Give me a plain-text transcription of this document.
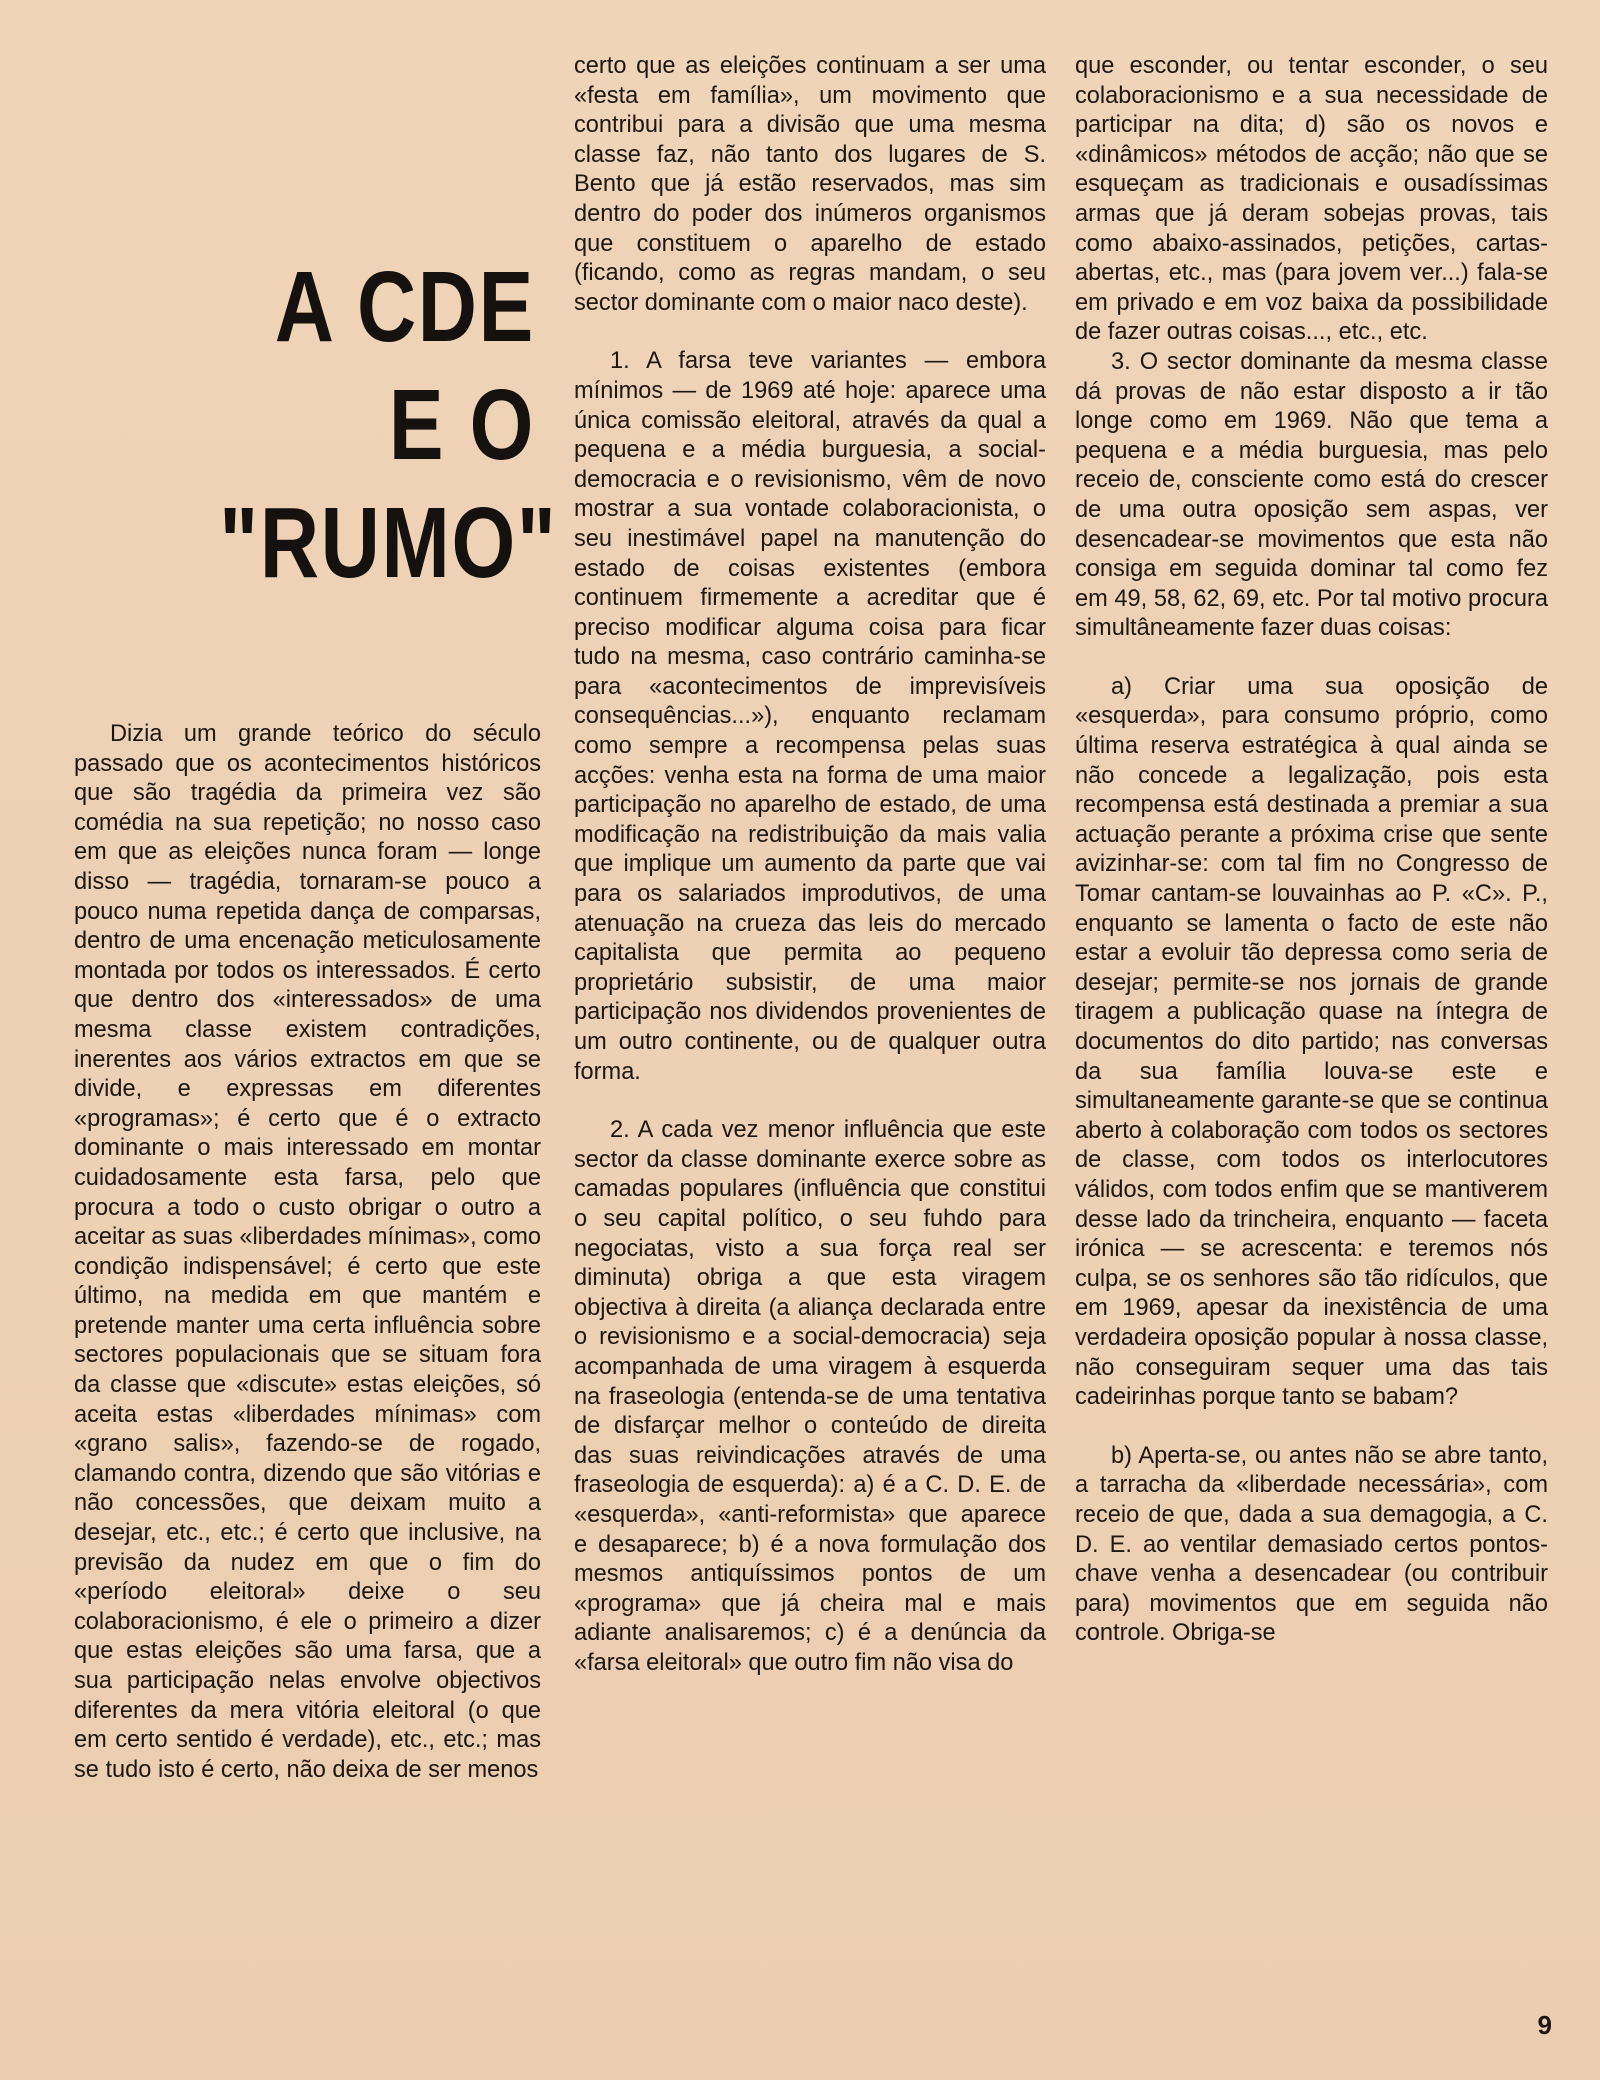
A CDE
E O
"RUMO"

Dizia um grande teórico do século passado que os acontecimentos históricos que são tragédia da primeira vez são comédia na sua repetição; no nosso caso em que as eleições nunca foram — longe disso — tragédia, tornaram-se pouco a pouco numa repetida dança de comparsas, dentro de uma encenação meticulosamente montada por todos os interessados. É certo que dentro dos «interessados» de uma mesma classe existem contradições, inerentes aos vários extractos em que se divide, e expressas em diferentes «programas»; é certo que é o extracto dominante o mais interessado em montar cuidadosamente esta farsa, pelo que procura a todo o custo obrigar o outro a aceitar as suas «liberdades mínimas», como condição indispensável; é certo que este último, na medida em que mantém e pretende manter uma certa influência sobre sectores populacionais que se situam fora da classe que «discute» estas eleições, só aceita estas «liberdades mínimas» com «grano salis», fazendo-se de rogado, clamando contra, dizendo que são vitórias e não concessões, que deixam muito a desejar, etc., etc.; é certo que inclusive, na previsão da nudez em que o fim do «período eleitoral» deixe o seu colaboracionismo, é ele o primeiro a dizer que estas eleições são uma farsa, que a sua participação nelas envolve objectivos diferentes da mera vitória eleitoral (o que em certo sentido é verdade), etc., etc.; mas se tudo isto é certo, não deixa de ser menos

certo que as eleições continuam a ser uma «festa em família», um movimento que contribui para a divisão que uma mesma classe faz, não tanto dos lugares de S. Bento que já estão reservados, mas sim dentro do poder dos inúmeros organismos que constituem o aparelho de estado (ficando, como as regras mandam, o seu sector dominante com o maior naco deste).

1. A farsa teve variantes — embora mínimos — de 1969 até hoje: aparece uma única comissão eleitoral, através da qual a pequena e a média burguesia, a social-democracia e o revisionismo, vêm de novo mostrar a sua vontade colaboracionista, o seu inestimável papel na manutenção do estado de coisas existentes (embora continuem firmemente a acreditar que é preciso modificar alguma coisa para ficar tudo na mesma, caso contrário caminha-se para «acontecimentos de imprevisíveis consequências...»), enquanto reclamam como sempre a recompensa pelas suas acções: venha esta na forma de uma maior participação no aparelho de estado, de uma modificação na redistribuição da mais valia que implique um aumento da parte que vai para os salariados improdutivos, de uma atenuação na crueza das leis do mercado capitalista que permita ao pequeno proprietário subsistir, de uma maior participação nos dividendos provenientes de um outro continente, ou de qualquer outra forma.

2. A cada vez menor influência que este sector da classe dominante exerce sobre as camadas populares (influência que constitui o seu capital político, o seu fuhdo para negociatas, visto a sua força real ser diminuta) obriga a que esta viragem objectiva à direita (a aliança declarada entre o revisionismo e a social-democracia) seja acompanhada de uma viragem à esquerda na fraseologia (entenda-se de uma tentativa de disfarçar melhor o conteúdo de direita das suas reivindicações através de uma fraseologia de esquerda): a) é a C. D. E. de «esquerda», «anti-reformista» que aparece e desaparece; b) é a nova formulação dos mesmos antiquíssimos pontos de um «programa» que já cheira mal e mais adiante analisaremos; c) é a denúncia da «farsa eleitoral» que outro fim não visa do

que esconder, ou tentar esconder, o seu colaboracionismo e a sua necessidade de participar na dita; d) são os novos e «dinâmicos» métodos de acção; não que se esqueçam as tradicionais e ousadíssimas armas que já deram sobejas provas, tais como abaixo-assinados, petições, cartas-abertas, etc., mas (para jovem ver...) fala-se em privado e em voz baixa da possibilidade de fazer outras coisas..., etc., etc.

3. O sector dominante da mesma classe dá provas de não estar disposto a ir tão longe como em 1969. Não que tema a pequena e a média burguesia, mas pelo receio de, consciente como está do crescer de uma outra oposição sem aspas, ver desencadear-se movimentos que esta não consiga em seguida dominar tal como fez em 49, 58, 62, 69, etc. Por tal motivo procura simultâneamente fazer duas coisas:

a) Criar uma sua oposição de «esquerda», para consumo próprio, como última reserva estratégica à qual ainda se não concede a legalização, pois esta recompensa está destinada a premiar a sua actuação perante a próxima crise que sente avizinhar-se: com tal fim no Congresso de Tomar cantam-se louvainhas ao P. «C». P., enquanto se lamenta o facto de este não estar a evoluir tão depressa como seria de desejar; permite-se nos jornais de grande tiragem a publicação quase na íntegra de documentos do dito partido; nas conversas da sua família louva-se este e simultaneamente garante-se que se continua aberto à colaboração com todos os sectores de classe, com todos os interlocutores válidos, com todos enfim que se mantiverem desse lado da trincheira, enquanto — faceta irónica — se acrescenta: e teremos nós culpa, se os senhores são tão ridículos, que em 1969, apesar da inexistência de uma verdadeira oposição popular à nossa classe, não conseguiram sequer uma das tais cadeirinhas porque tanto se babam?

b) Aperta-se, ou antes não se abre tanto, a tarracha da «liberdade necessária», com receio de que, dada a sua demagogia, a C. D. E. ao ventilar demasiado certos pontos-chave venha a desencadear (ou contribuir para) movimentos que em seguida não controle. Obriga-se

9
